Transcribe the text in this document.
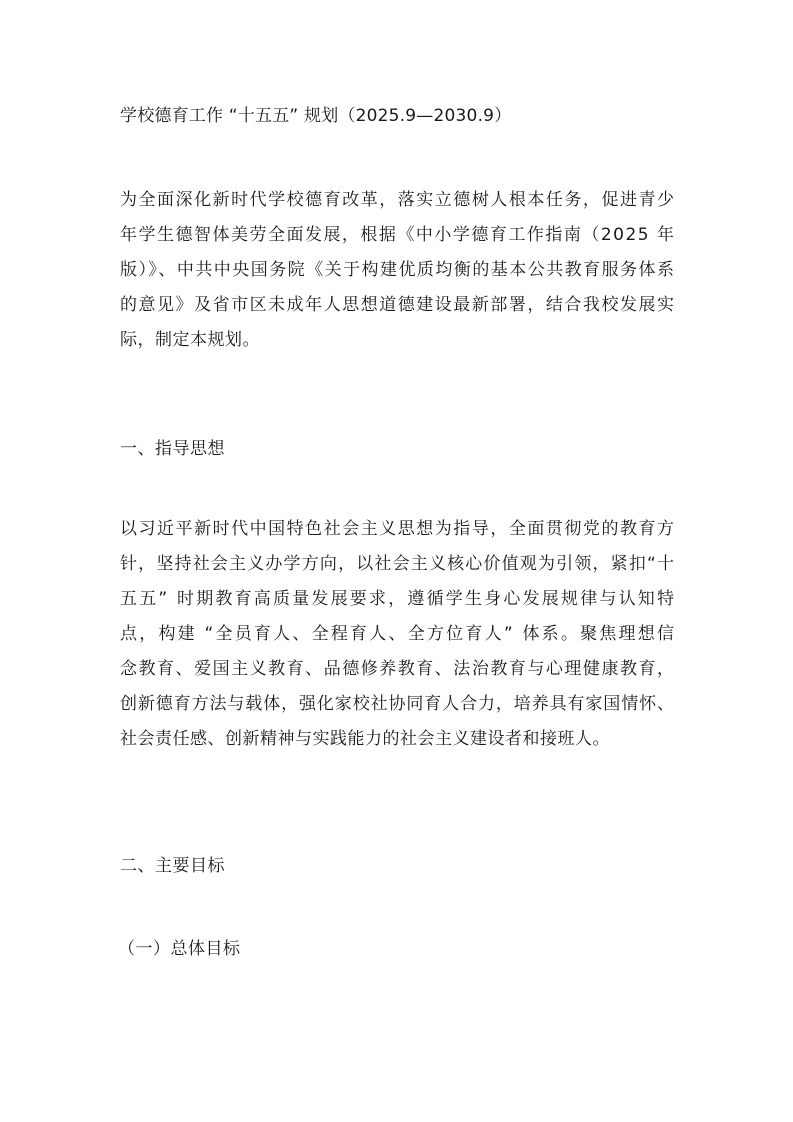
学校德育工作 “十五五” 规划（2025.9—2030.9）
为全面深化新时代学校德育改革，落实立德树人根本任务，促进青少
年学生德智体美劳全面发展，根据《中小学德育工作指南（2025 年
版）》、中共中央国务院《关于构建优质均衡的基本公共教育服务体系
的意见》及省市区未成年人思想道德建设最新部署，结合我校发展实
际，制定本规划。
一、指导思想
以习近平新时代中国特色社会主义思想为指导，全面贯彻党的教育方
针，坚持社会主义办学方向，以社会主义核心价值观为引领，紧扣“十
五五” 时期教育高质量发展要求，遵循学生身心发展规律与认知特
点，构建 “全员育人、全程育人、全方位育人” 体系。聚焦理想信
念教育、爱国主义教育、品德修养教育、法治教育与心理健康教育，
创新德育方法与载体，强化家校社协同育人合力，培养具有家国情怀、
社会责任感、创新精神与实践能力的社会主义建设者和接班人。
二、主要目标
（一）总体目标
